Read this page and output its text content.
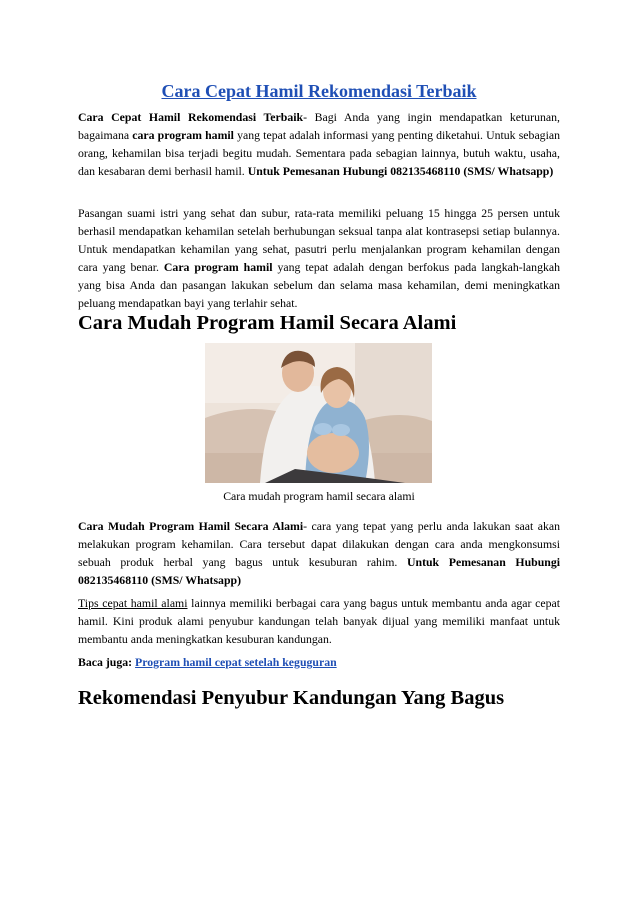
Cara Cepat Hamil Rekomendasi Terbaik

Cara Cepat Hamil Rekomendasi Terbaik- Bagi Anda yang ingin mendapatkan keturunan, bagaimana cara program hamil yang tepat adalah informasi yang penting diketahui. Untuk sebagian orang, kehamilan bisa terjadi begitu mudah. Sementara pada sebagian lainnya, butuh waktu, usaha, dan kesabaran demi berhasil hamil. Untuk Pemesanan Hubungi 082135468110 (SMS/ Whatsapp)

Pasangan suami istri yang sehat dan subur, rata-rata memiliki peluang 15 hingga 25 persen untuk berhasil mendapatkan kehamilan setelah berhubungan seksual tanpa alat kontrasepsi setiap bulannya. Untuk mendapatkan kehamilan yang sehat, pasutri perlu menjalankan program kehamilan dengan cara yang benar. Cara program hamil yang tepat adalah dengan berfokus pada langkah-langkah yang bisa Anda dan pasangan lakukan sebelum dan selama masa kehamilan, demi meningkatkan peluang mendapatkan bayi yang terlahir sehat.

Cara Mudah Program Hamil Secara Alami

Cara mudah program hamil secara alami

Cara Mudah Program Hamil Secara Alami- cara yang tepat yang perlu anda lakukan saat akan melakukan program kehamilan. Cara tersebut dapat dilakukan dengan cara anda mengkonsumsi sebuah produk herbal yang bagus untuk kesuburan rahim. Untuk Pemesanan Hubungi 082135468110 (SMS/ Whatsapp)

Tips cepat hamil alami lainnya memiliki berbagai cara yang bagus untuk membantu anda agar cepat hamil. Kini produk alami penyubur kandungan telah banyak dijual yang memiliki manfaat untuk membantu anda meningkatkan kesuburan kandungan.

Baca juga: Program hamil cepat setelah keguguran

Rekomendasi Penyubur Kandungan Yang Bagus
